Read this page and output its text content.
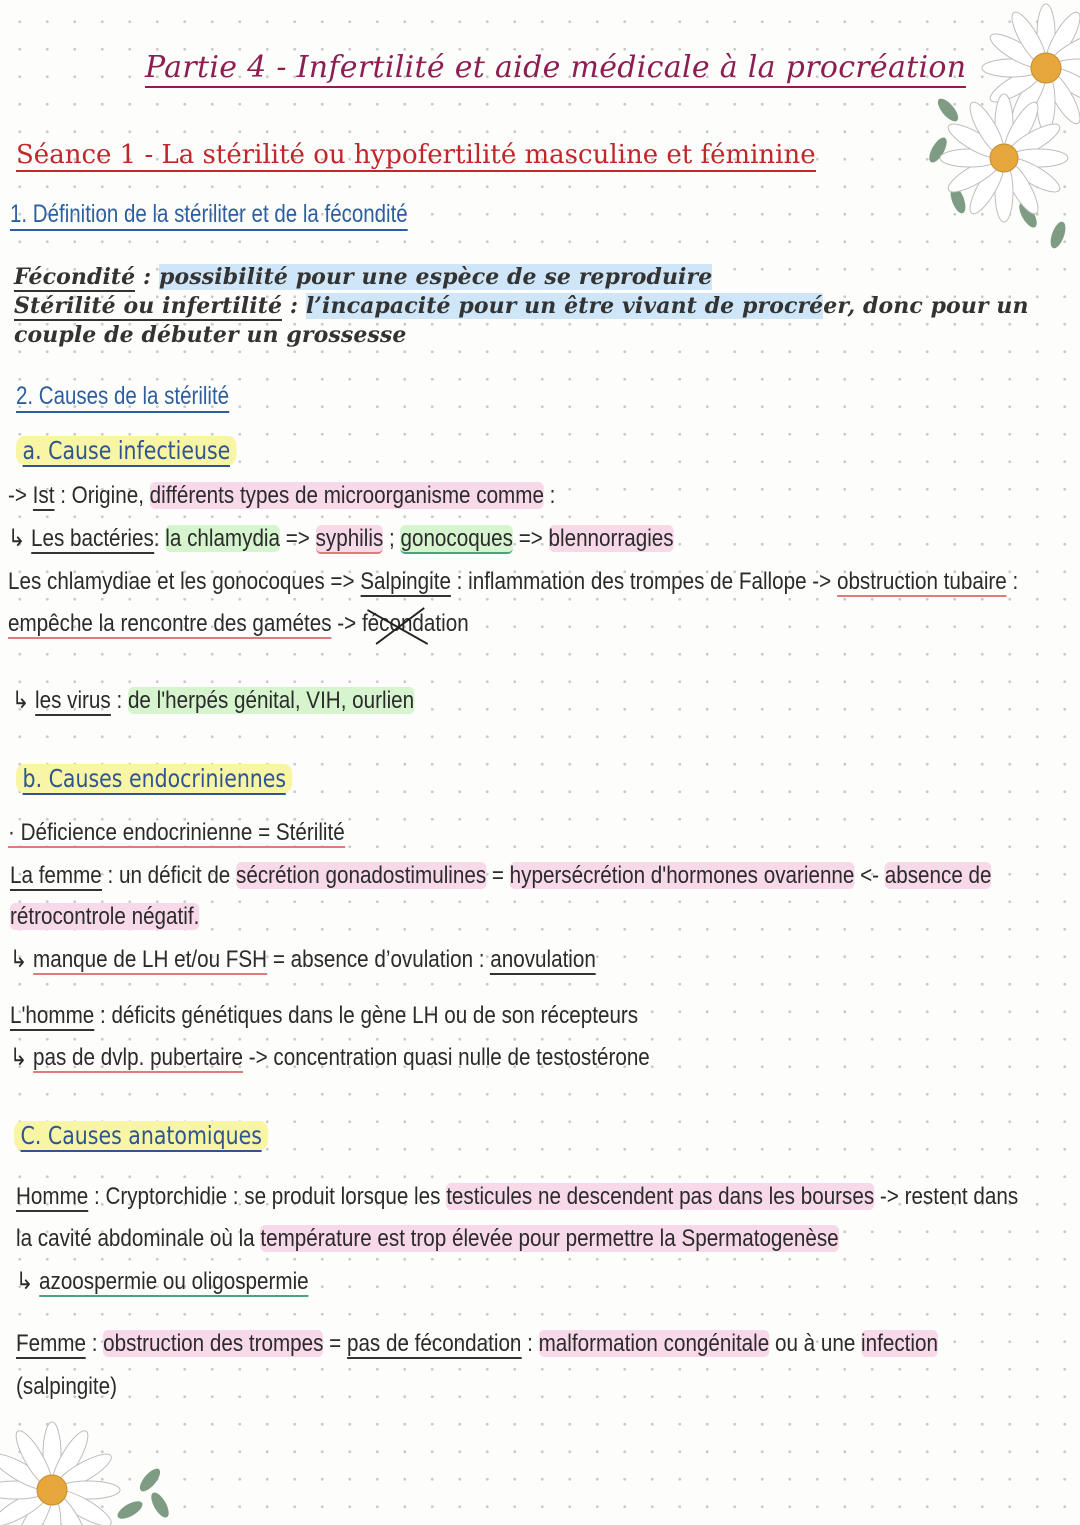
Partie 4 - Infertilité et aide médicale à la procréation
Séance 1 - La stérilité ou hypofertilité masculine et féminine
1. Définition de la stériliter et de la fécondité
Fécondité : possibilité pour une espèce de se reproduire
Stérilité ou infertilité : l’incapacité pour un être vivant de procréer, donc pour un
couple de débuter un grossesse
2. Causes de la stérilité
a. Cause infectieuse
-> Ist : Origine, différents types de microorganisme comme :
↳ Les bactéries: la chlamydia => syphilis ; gonocoques => blennorragies
Les chlamydiae et les gonocoques => Salpingite : inflammation des trompes de Fallope -> obstruction tubaire :
empêche la rencontre des gamétes -> fécondation
↳ les virus : de l'herpés génital, VIH, ourlien
b. Causes endocriniennes
· Déficience endocrinienne = Stérilité
La femme : un déficit de sécrétion gonadostimulines = hypersécrétion d'hormones ovarienne <- absence de
rétrocontrole négatif.
↳ manque de LH et/ou FSH = absence d’ovulation : anovulation
L'homme : déficits génétiques dans le gène LH ou de son récepteurs
↳ pas de dvlp. pubertaire -> concentration quasi nulle de testostérone
C. Causes anatomiques
Homme : Cryptorchidie : se produit lorsque les testicules ne descendent pas dans les bourses -> restent dans
la cavité abdominale où la température est trop élevée pour permettre la Spermatogenèse
↳ azoospermie ou oligospermie
Femme : obstruction des trompes = pas de fécondation : malformation congénitale ou à une infection
(salpingite)
